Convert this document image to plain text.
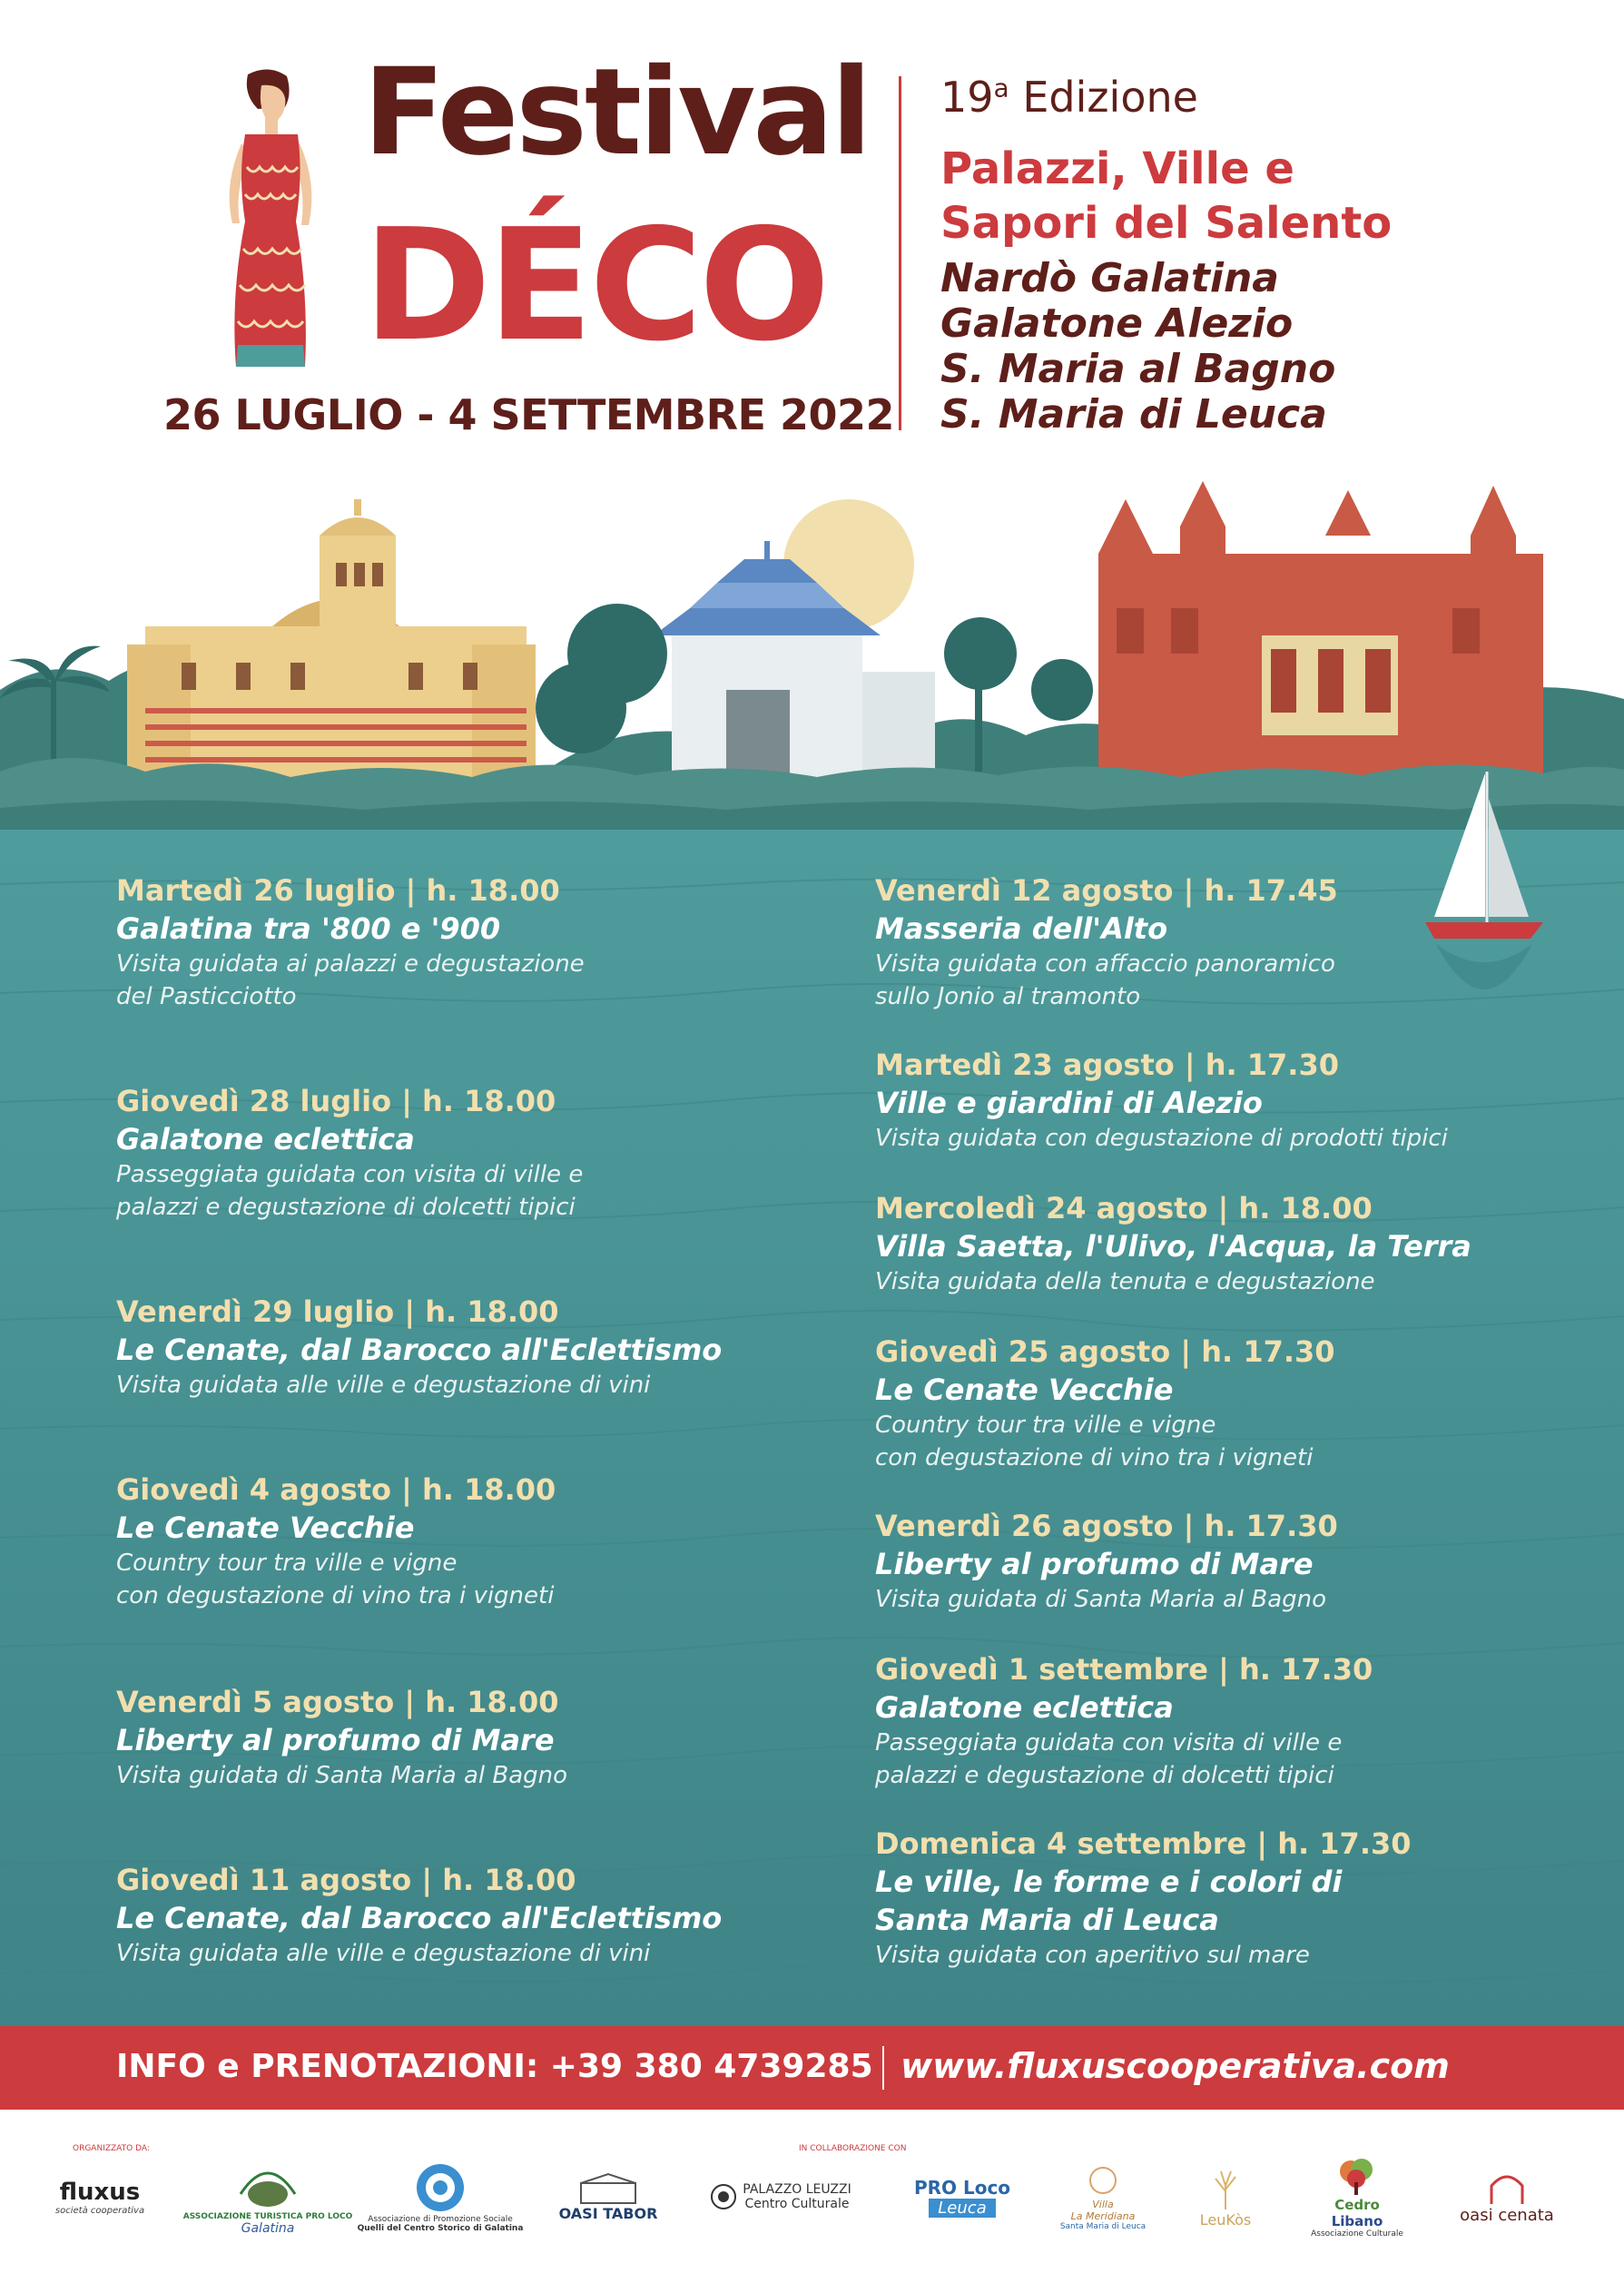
Festival
DÉCO
26 LUGLIO - 4 SETTEMBRE 2022
19$^a$ Edizione
Palazzi, Ville e
Sapori del Salento
Nardò Galatina
Galatone Alezio
S. Maria al Bagno
S. Maria di Leuca
Martedì 26 luglio | h. 18.00
Galatina tra '800 e '900
Visita guidata ai palazzi e degustazione
del Pasticciotto
Giovedì 28 luglio | h. 18.00
Galatone eclettica
Passeggiata guidata con visita di ville e
palazzi e degustazione di dolcetti tipici
Venerdì 29 luglio | h. 18.00
Le Cenate, dal Barocco all'Eclettismo
Visita guidata alle ville e degustazione di vini
Giovedì 4 agosto | h. 18.00
Le Cenate Vecchie
Country tour tra ville e vigne
con degustazione di vino tra i vigneti
Venerdì 5 agosto | h. 18.00
Liberty al profumo di Mare
Visita guidata di Santa Maria al Bagno
Giovedì 11 agosto | h. 18.00
Le Cenate, dal Barocco all'Eclettismo
Visita guidata alle ville e degustazione di vini
Venerdì 12 agosto | h. 17.45
Masseria dell'Alto
Visita guidata con affaccio panoramico
sullo Jonio al tramonto
Martedì 23 agosto | h. 17.30
Ville e giardini di Alezio
Visita guidata con degustazione di prodotti tipici
Mercoledì 24 agosto | h. 18.00
Villa Saetta, l'Ulivo, l'Acqua, la Terra
Visita guidata della tenuta e degustazione
Giovedì 25 agosto | h. 17.30
Le Cenate Vecchie
Country tour tra ville e vigne
con degustazione di vino tra i vigneti
Venerdì 26 agosto | h. 17.30
Liberty al profumo di Mare
Visita guidata di Santa Maria al Bagno
Giovedì 1 settembre | h. 17.30
Galatone eclettica
Passeggiata guidata con visita di ville e
palazzi e degustazione di dolcetti tipici
Domenica 4 settembre | h. 17.30
Le ville, le forme e i colori di
Santa Maria di Leuca
Visita guidata con aperitivo sul mare
INFO e PRENOTAZIONI: +39 380 4739285 www.fluxuscooperativa.com
ORGANIZZATO DA:	IN COLLABORAZIONE CON
fluxus
società cooperativa
ASSOCIAZIONE TURISTICA PRO LOCO
Galatina
Associazione di Promozione Sociale
Quelli del Centro Storico di Galatina
OASI TABOR
PALAZZO LEUZZI
Centro Culturale
PRO Loco
Leuca	Villa
La Meridiana
Santa Maria di Leuca	LeuKòs
Cedro
Libano
Associazione Culturale
oasi cenata
